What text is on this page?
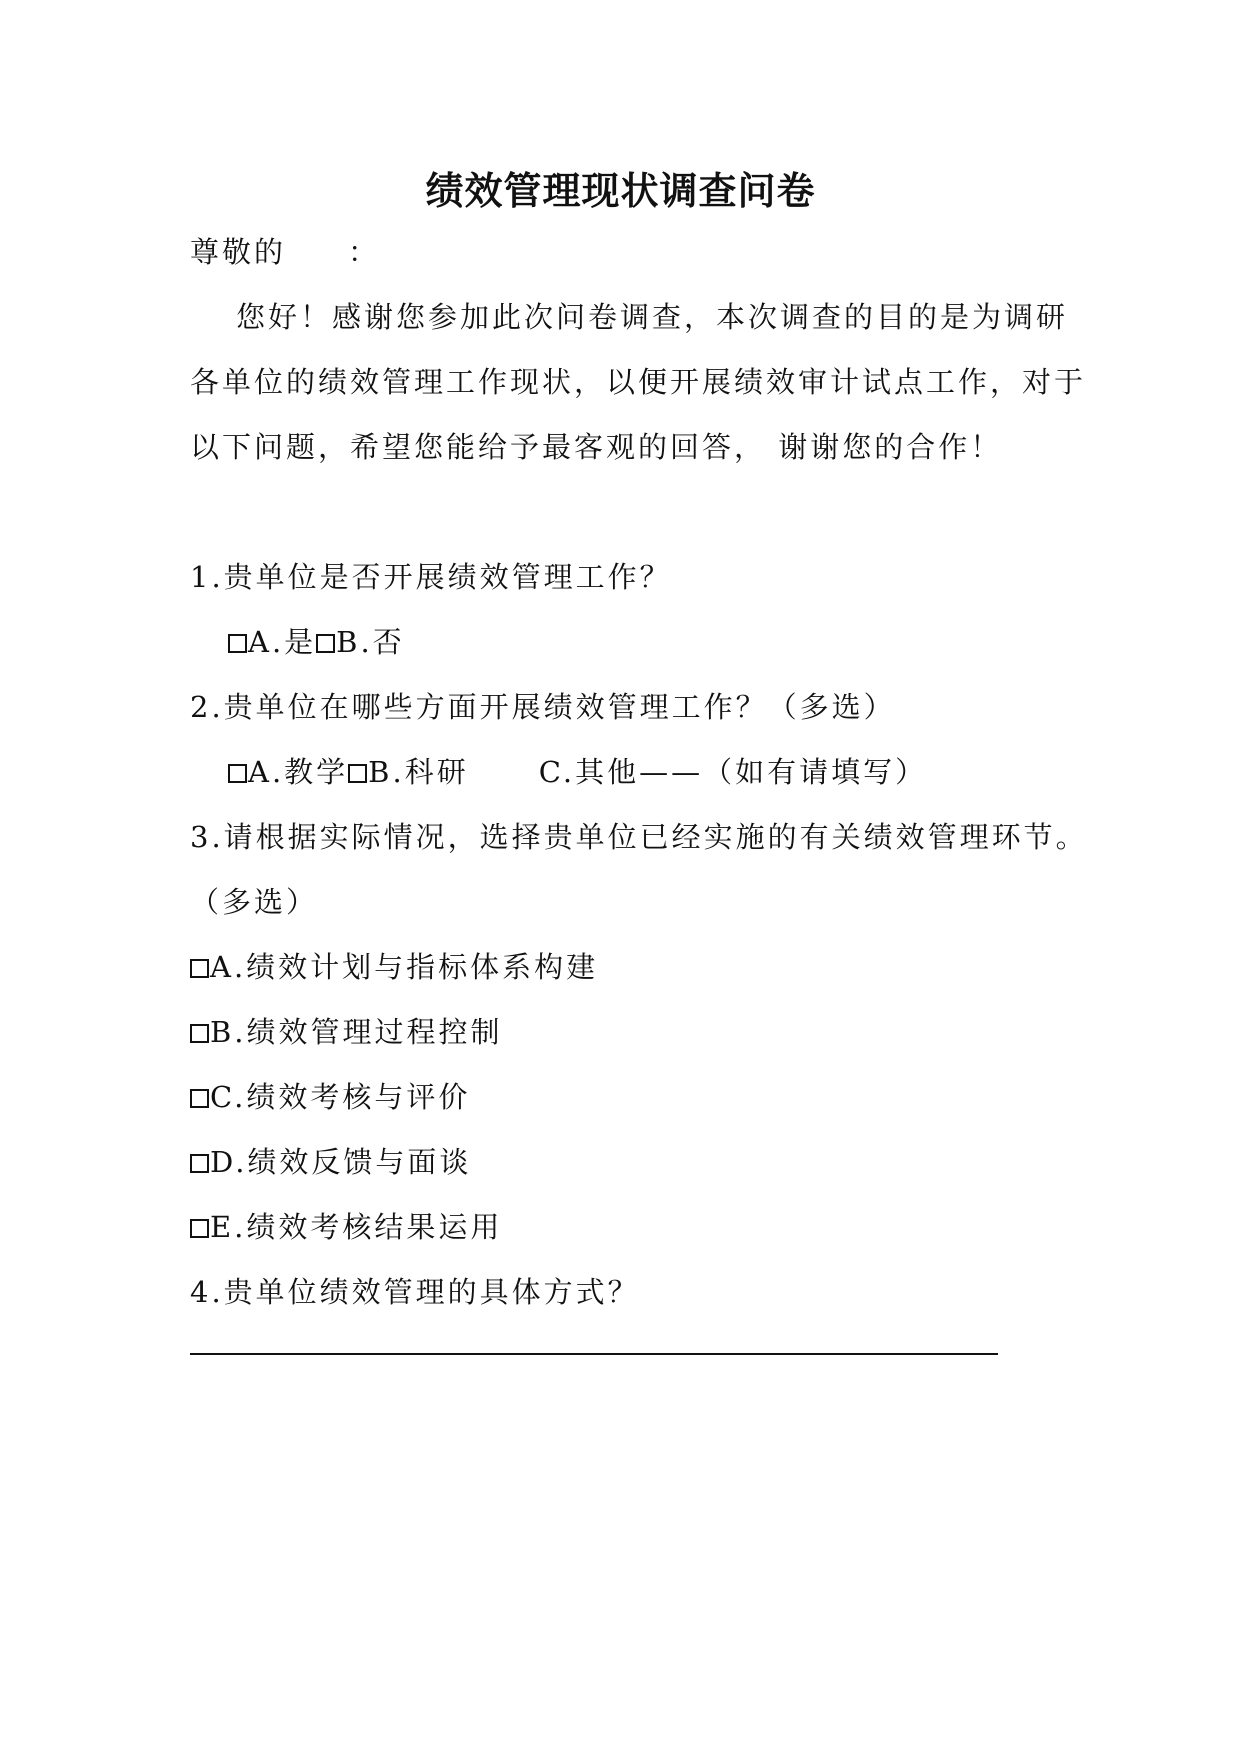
绩效管理现状调查问卷
尊敬的 ：
您好！感谢您参加此次问卷调查，本次调查的目的是为调研
各单位的绩效管理工作现状，以便开展绩效审计试点工作，对于
以下问题，希望您能给予最客观的回答， 谢谢您的合作！
1.贵单位是否开展绩效管理工作？
A.是 B.否
2.贵单位在哪些方面开展绩效管理工作？（多选）
A.教学 B.科研 C.其他——（如有请填写）
3.请根据实际情况，选择贵单位已经实施的有关绩效管理环节。
（多选）
A.绩效计划与指标体系构建
B.绩效管理过程控制
C.绩效考核与评价
D.绩效反馈与面谈
E.绩效考核结果运用
4.贵单位绩效管理的具体方式？
